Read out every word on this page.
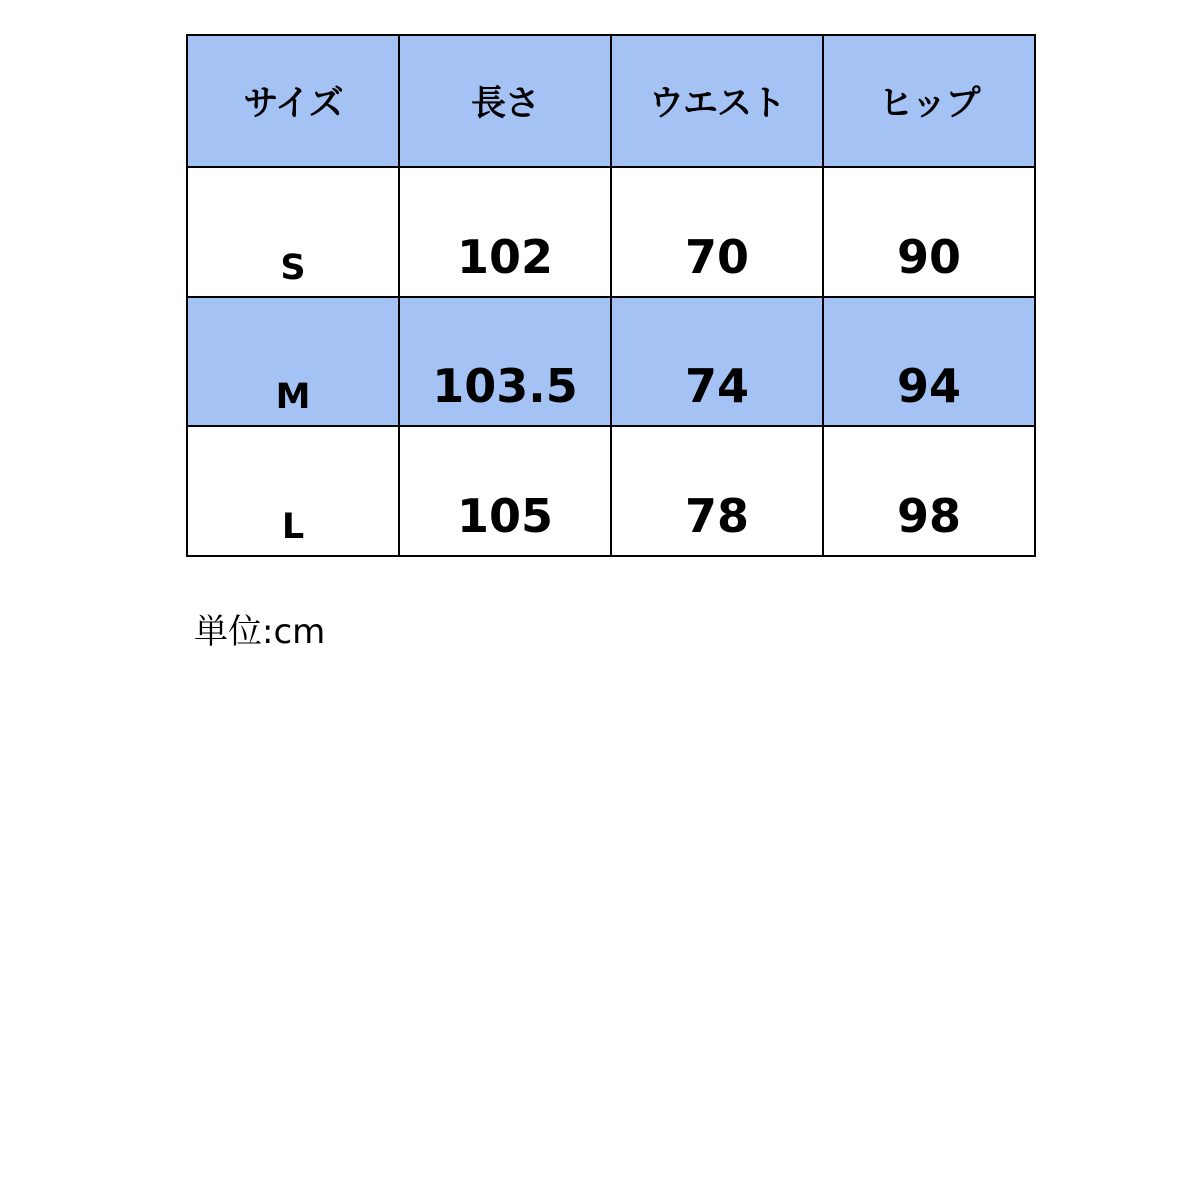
サイズ	長さ	ウエスト	ヒップ
S	102	70	90
M	103.5	74	94
L	105	78	98
単位:cm
